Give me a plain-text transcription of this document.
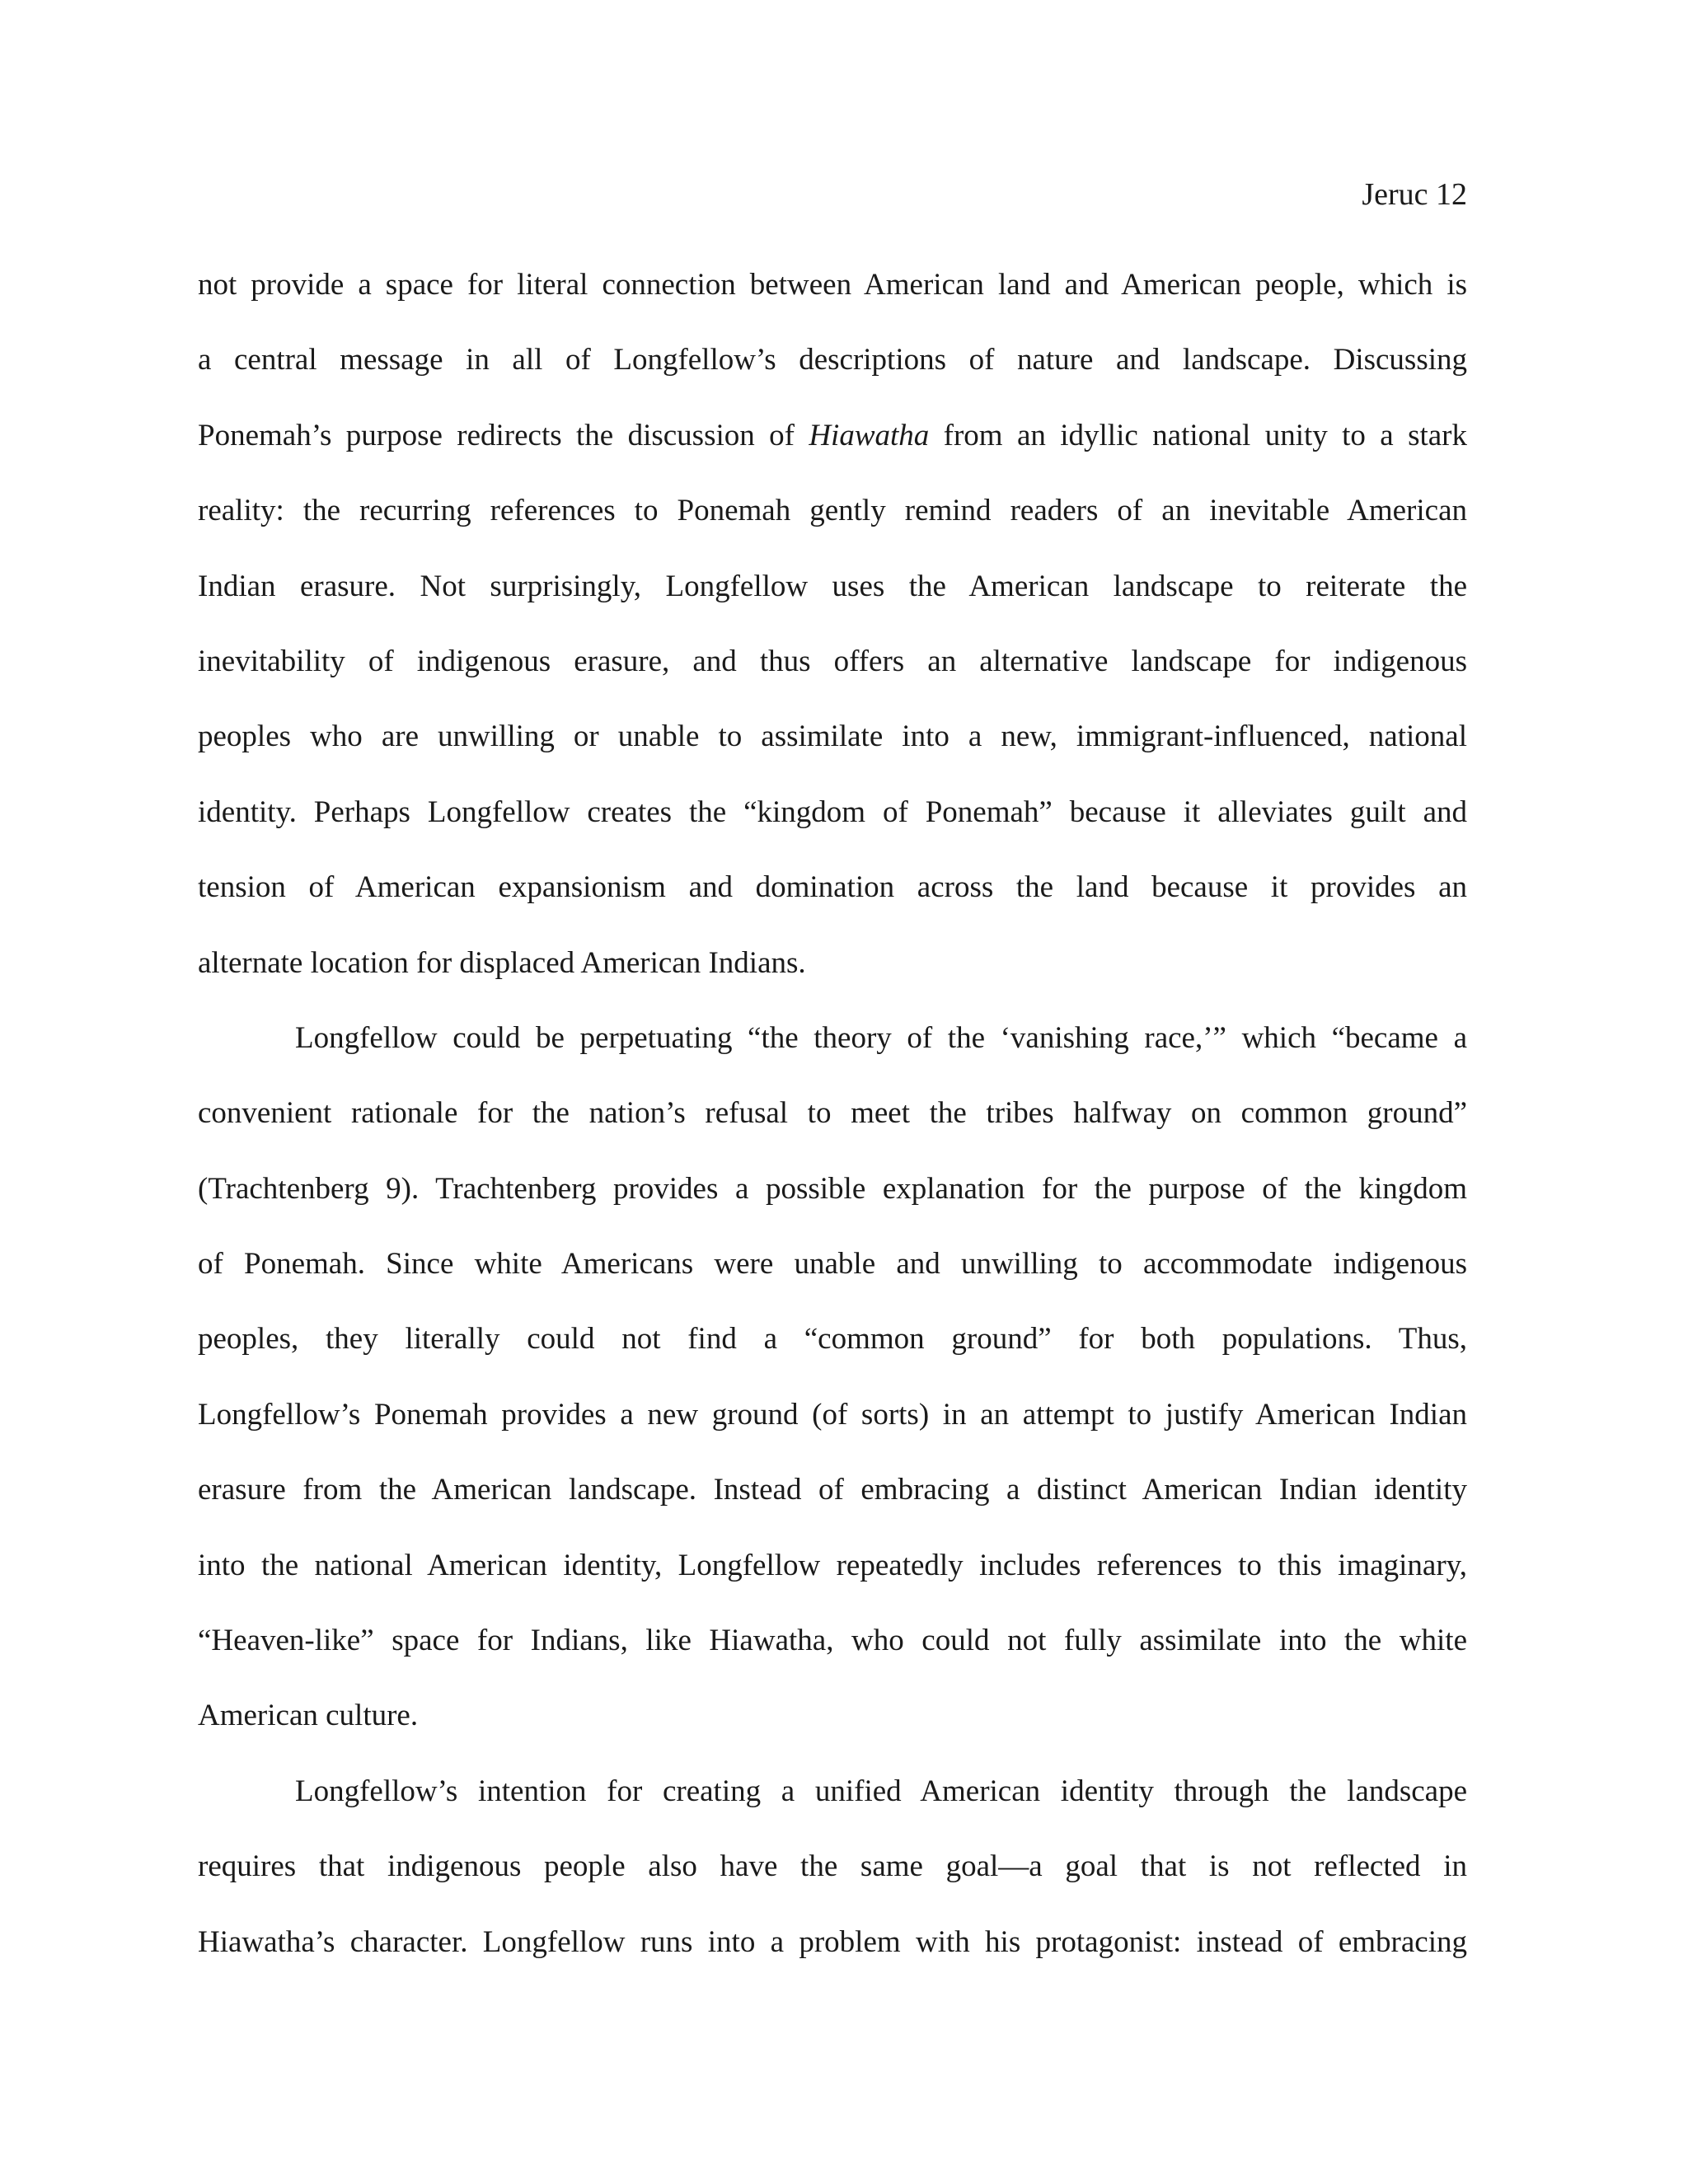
Jeruc 12
not provide a space for literal connection between American land and American people, which is
a central message in all of Longfellow’s descriptions of nature and landscape. Discussing
Ponemah’s purpose redirects the discussion of Hiawatha from an idyllic national unity to a stark
reality: the recurring references to Ponemah gently remind readers of an inevitable American
Indian erasure. Not surprisingly, Longfellow uses the American landscape to reiterate the
inevitability of indigenous erasure, and thus offers an alternative landscape for indigenous
peoples who are unwilling or unable to assimilate into a new, immigrant-influenced, national
identity. Perhaps Longfellow creates the “kingdom of Ponemah” because it alleviates guilt and
tension of American expansionism and domination across the land because it provides an
alternate location for displaced American Indians.
Longfellow could be perpetuating “the theory of the ‘vanishing race,’” which “became a
convenient rationale for the nation’s refusal to meet the tribes halfway on common ground”
(Trachtenberg 9). Trachtenberg provides a possible explanation for the purpose of the kingdom
of Ponemah. Since white Americans were unable and unwilling to accommodate indigenous
peoples, they literally could not find a “common ground” for both populations. Thus,
Longfellow’s Ponemah provides a new ground (of sorts) in an attempt to justify American Indian
erasure from the American landscape. Instead of embracing a distinct American Indian identity
into the national American identity, Longfellow repeatedly includes references to this imaginary,
“Heaven-like” space for Indians, like Hiawatha, who could not fully assimilate into the white
American culture.
Longfellow’s intention for creating a unified American identity through the landscape
requires that indigenous people also have the same goal—a goal that is not reflected in
Hiawatha’s character. Longfellow runs into a problem with his protagonist: instead of embracing
